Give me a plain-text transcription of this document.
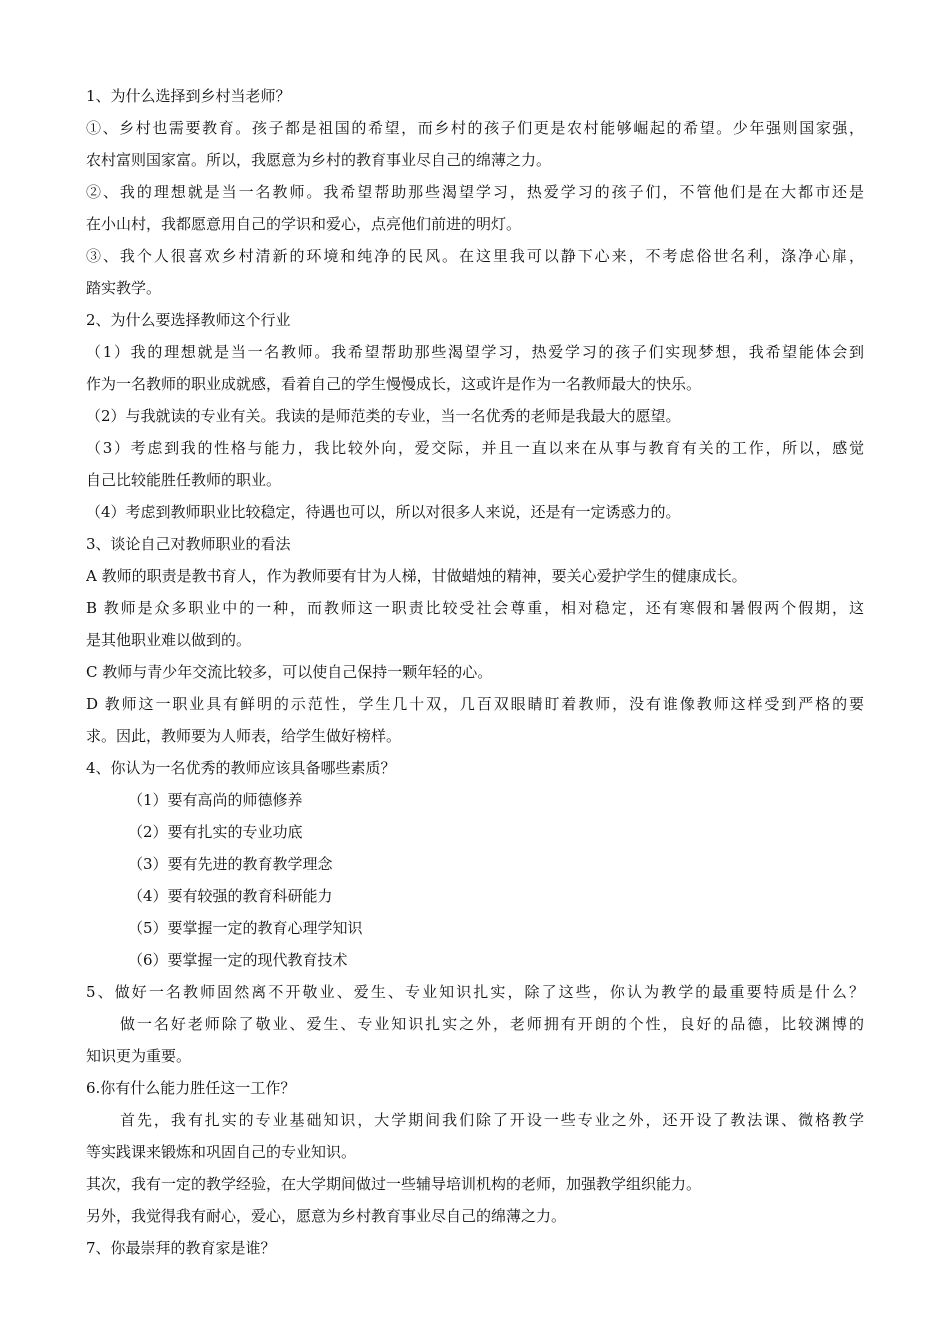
1、为什么选择到乡村当老师？
①、乡村也需要教育。孩子都是祖国的希望，而乡村的孩子们更是农村能够崛起的希望。少年强则国家强，
农村富则国家富。所以，我愿意为乡村的教育事业尽自己的绵薄之力。
②、我的理想就是当一名教师。我希望帮助那些渴望学习，热爱学习的孩子们，不管他们是在大都市还是
在小山村，我都愿意用自己的学识和爱心，点亮他们前进的明灯。
③、我个人很喜欢乡村清新的环境和纯净的民风。在这里我可以静下心来，不考虑俗世名利，涤净心扉，
踏实教学。
2、为什么要选择教师这个行业
（1）我的理想就是当一名教师。我希望帮助那些渴望学习，热爱学习的孩子们实现梦想，我希望能体会到
作为一名教师的职业成就感，看着自己的学生慢慢成长，这或许是作为一名教师最大的快乐。
（2）与我就读的专业有关。我读的是师范类的专业，当一名优秀的老师是我最大的愿望。
（3）考虑到我的性格与能力，我比较外向，爱交际，并且一直以来在从事与教育有关的工作，所以，感觉
自己比较能胜任教师的职业。
（4）考虑到教师职业比较稳定，待遇也可以，所以对很多人来说，还是有一定诱惑力的。
3、谈论自己对教师职业的看法
A 教师的职责是教书育人，作为教师要有甘为人梯，甘做蜡烛的精神，要关心爱护学生的健康成长。
B 教师是众多职业中的一种，而教师这一职责比较受社会尊重，相对稳定，还有寒假和暑假两个假期，这
是其他职业难以做到的。
C 教师与青少年交流比较多，可以使自己保持一颗年轻的心。
D 教师这一职业具有鲜明的示范性，学生几十双，几百双眼睛盯着教师，没有谁像教师这样受到严格的要
求。因此，教师要为人师表，给学生做好榜样。
4、你认为一名优秀的教师应该具备哪些素质？
（1）要有高尚的师德修养
（2）要有扎实的专业功底
（3）要有先进的教育教学理念
（4）要有较强的教育科研能力
（5）要掌握一定的教育心理学知识
（6）要掌握一定的现代教育技术
5、做好一名教师固然离不开敬业、爱生、专业知识扎实，除了这些，你认为教学的最重要特质是什么？
做一名好老师除了敬业、爱生、专业知识扎实之外，老师拥有开朗的个性，良好的品德，比较渊博的
知识更为重要。
6.你有什么能力胜任这一工作？
首先，我有扎实的专业基础知识，大学期间我们除了开设一些专业之外，还开设了教法课、微格教学
等实践课来锻炼和巩固自己的专业知识。
其次，我有一定的教学经验，在大学期间做过一些辅导培训机构的老师，加强教学组织能力。
另外，我觉得我有耐心，爱心，愿意为乡村教育事业尽自己的绵薄之力。
7、你最崇拜的教育家是谁？
